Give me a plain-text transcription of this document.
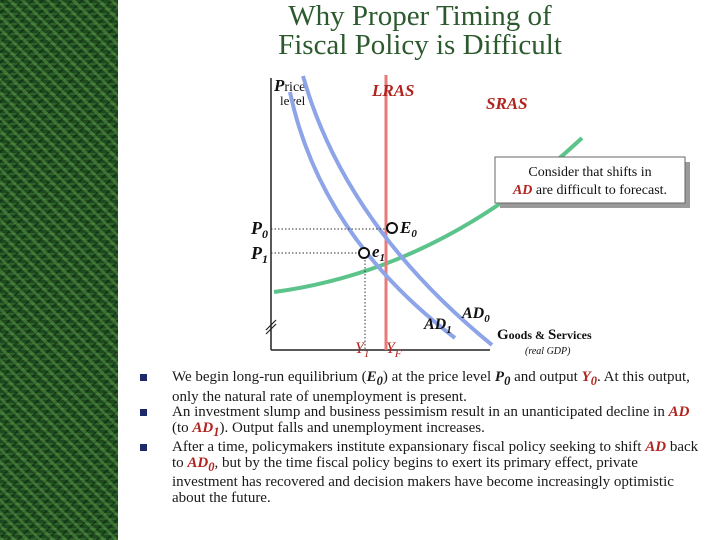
Why Proper Timing of
Fiscal Policy is Difficult
Price
level
LRAS
SRAS
Consider that shifts in
AD are difficult to forecast.
$P_0$
$P_1$
$E_0$
$e_1$
$Y_1$ $Y_F$
$AD_1$
$AD_0$
Goods & Services
(real GDP)
We begin long-run equilibrium $(E_0)$ at the price level $P_0$ and output $Y_0$. At this output, only the natural rate of unemployment is present.
An investment slump and business pessimism result in an unanticipated decline in AD (to $AD_1$). Output falls and unemployment increases.
After a time, policymakers institute expansionary fiscal policy seeking to shift AD back to $AD_0$, but by the time fiscal policy begins to exert its primary effect, private investment has recovered and decision makers have become increasingly optimistic about the future.
